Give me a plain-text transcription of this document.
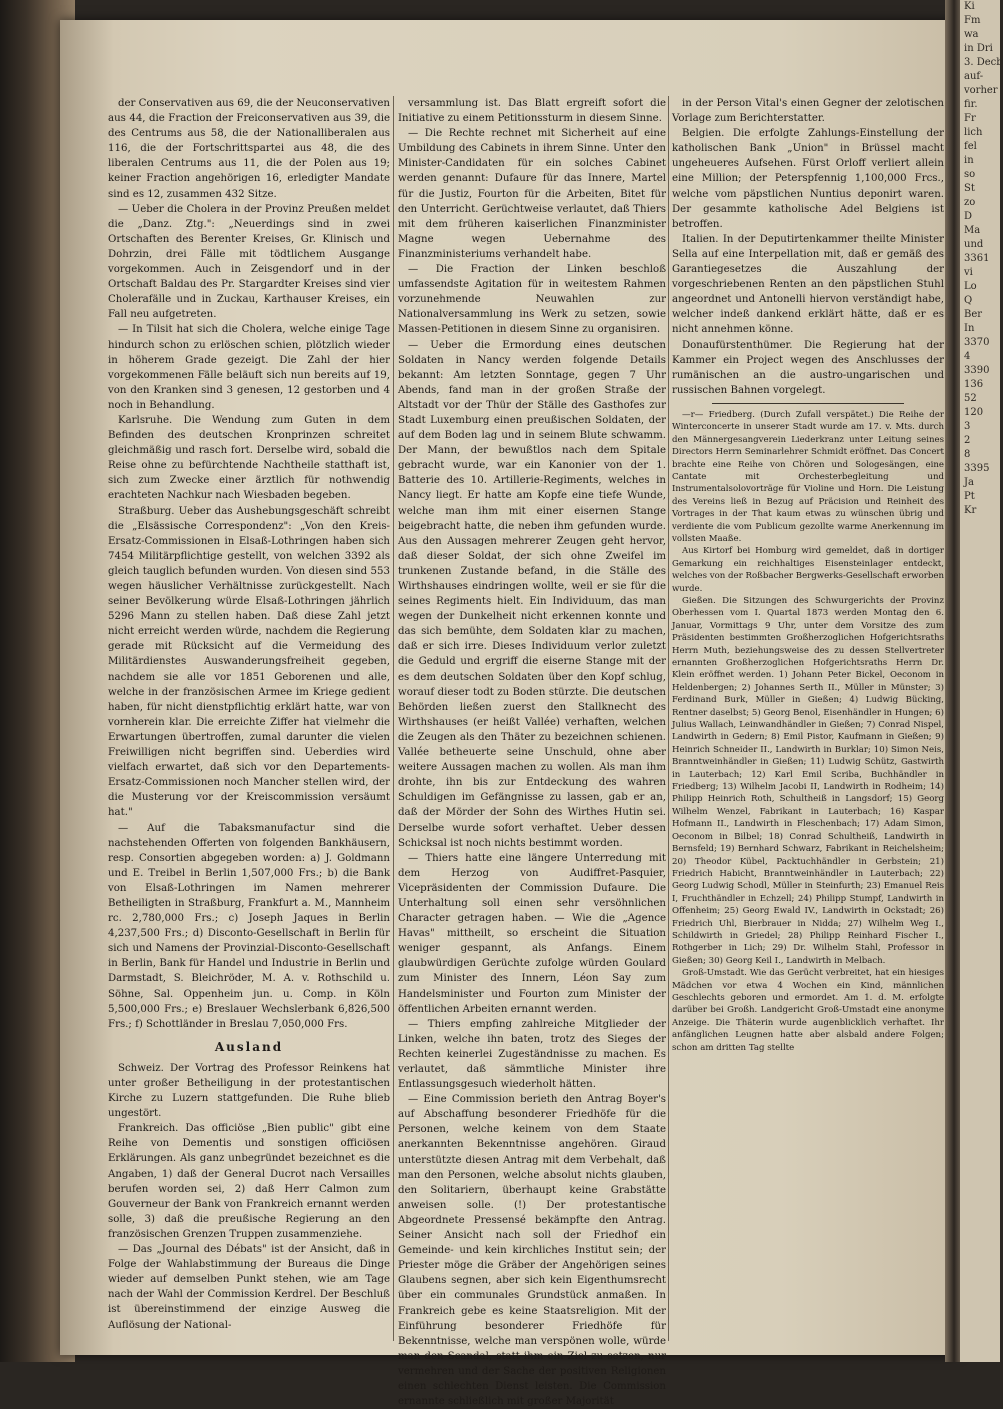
Ki
Fm
wa
in Dri
3. Decb
auf-
vorher
fir.
Fr
lich
fel
in
so
St
zo
D
Ma
und
3361
vi
Lo
Q
Ber
In
3370
4
3390
136
52
120
3
2
8
3395
Ja
Pt
Kr

der Conservativen aus 69, die der Neuconservativen aus 44, die Fraction der Freiconservativen aus 39, die des Centrums aus 58, die der Nationalliberalen aus 116, die der Fortschrittspartei aus 48, die des liberalen Centrums aus 11, die der Polen aus 19; keiner Fraction angehörigen 16, erledigter Mandate sind es 12, zusammen 432 Sitze.

— Ueber die Cholera in der Provinz Preußen meldet die „Danz. Ztg.": „Neuerdings sind in zwei Ortschaften des Berenter Kreises, Gr. Klinisch und Dohrzin, drei Fälle mit tödtlichem Ausgange vorgekommen. Auch in Zeisgendorf und in der Ortschaft Baldau des Pr. Stargardter Kreises sind vier Cholerafälle und in Zuckau, Karthauser Kreises, ein Fall neu aufgetreten.

— In Tilsit hat sich die Cholera, welche einige Tage hindurch schon zu erlöschen schien, plötzlich wieder in höherem Grade gezeigt. Die Zahl der hier vorgekommenen Fälle beläuft sich nun bereits auf 19, von den Kranken sind 3 genesen, 12 gestorben und 4 noch in Behandlung.

Karlsruhe. Die Wendung zum Guten in dem Befinden des deutschen Kronprinzen schreitet gleichmäßig und rasch fort. Derselbe wird, sobald die Reise ohne zu befürchtende Nachtheile statthaft ist, sich zum Zwecke einer ärztlich für nothwendig erachteten Nachkur nach Wiesbaden begeben.

Straßburg. Ueber das Aushebungsgeschäft schreibt die „Elsässische Correspondenz": „Von den Kreis-Ersatz-Commissionen in Elsaß-Lothringen haben sich 7454 Militärpflichtige gestellt, von welchen 3392 als gleich tauglich befunden wurden. Von diesen sind 553 wegen häuslicher Verhältnisse zurückgestellt. Nach seiner Bevölkerung würde Elsaß-Lothringen jährlich 5296 Mann zu stellen haben. Daß diese Zahl jetzt nicht erreicht werden würde, nachdem die Regierung gerade mit Rücksicht auf die Vermeidung des Militärdienstes Auswanderungsfreiheit gegeben, nachdem sie alle vor 1851 Geborenen und alle, welche in der französischen Armee im Kriege gedient haben, für nicht dienstpflichtig erklärt hatte, war von vornherein klar. Die erreichte Ziffer hat vielmehr die Erwartungen übertroffen, zumal darunter die vielen Freiwilligen nicht begriffen sind. Ueberdies wird vielfach erwartet, daß sich vor den Departements-Ersatz-Commissionen noch Mancher stellen wird, der die Musterung vor der Kreiscommission versäumt hat."

— Auf die Tabaksmanufactur sind die nachstehenden Offerten von folgenden Bankhäusern, resp. Consortien abgegeben worden: a) J. Goldmann und E. Treibel in Berlin 1,507,000 Frs.; b) die Bank von Elsaß-Lothringen im Namen mehrerer Betheiligten in Straßburg, Frankfurt a. M., Mannheim rc. 2,780,000 Frs.; c) Joseph Jaques in Berlin 4,237,500 Frs.; d) Disconto-Gesellschaft in Berlin für sich und Namens der Provinzial-Disconto-Gesellschaft in Berlin, Bank für Handel und Industrie in Berlin und Darmstadt, S. Bleichröder, M. A. v. Rothschild u. Söhne, Sal. Oppenheim jun. u. Comp. in Köln 5,500,000 Frs.; e) Breslauer Wechslerbank 6,826,500 Frs.; f) Schottländer in Breslau 7,050,000 Frs.

Ausland

Schweiz. Der Vortrag des Professor Reinkens hat unter großer Betheiligung in der protestantischen Kirche zu Luzern stattgefunden. Die Ruhe blieb ungestört.

Frankreich. Das officiöse „Bien public" gibt eine Reihe von Dementis und sonstigen officiösen Erklärungen. Als ganz unbegründet bezeichnet es die Angaben, 1) daß der General Ducrot nach Versailles berufen worden sei, 2) daß Herr Calmon zum Gouverneur der Bank von Frankreich ernannt werden solle, 3) daß die preußische Regierung an den französischen Grenzen Truppen zusammenziehe.

— Das „Journal des Débats" ist der Ansicht, daß in Folge der Wahlabstimmung der Bureaus die Dinge wieder auf demselben Punkt stehen, wie am Tage nach der Wahl der Commission Kerdrel. Der Beschluß ist übereinstimmend der einzige Ausweg die Auflösung der National-

versammlung ist. Das Blatt ergreift sofort die Initiative zu einem Petitionssturm in diesem Sinne.

— Die Rechte rechnet mit Sicherheit auf eine Umbildung des Cabinets in ihrem Sinne. Unter den Minister-Candidaten für ein solches Cabinet werden genannt: Dufaure für das Innere, Martel für die Justiz, Fourton für die Arbeiten, Bitet für den Unterricht. Gerüchtweise verlautet, daß Thiers mit dem früheren kaiserlichen Finanzminister Magne wegen Uebernahme des Finanzministeriums verhandelt habe.

— Die Fraction der Linken beschloß umfassendste Agitation für in weitestem Rahmen vorzunehmende Neuwahlen zur Nationalversammlung ins Werk zu setzen, sowie Massen-Petitionen in diesem Sinne zu organisiren.

— Ueber die Ermordung eines deutschen Soldaten in Nancy werden folgende Details bekannt: Am letzten Sonntage, gegen 7 Uhr Abends, fand man in der großen Straße der Altstadt vor der Thür der Ställe des Gasthofes zur Stadt Luxemburg einen preußischen Soldaten, der auf dem Boden lag und in seinem Blute schwamm. Der Mann, der bewußtlos nach dem Spitale gebracht wurde, war ein Kanonier von der 1. Batterie des 10. Artillerie-Regiments, welches in Nancy liegt. Er hatte am Kopfe eine tiefe Wunde, welche man ihm mit einer eisernen Stange beigebracht hatte, die neben ihm gefunden wurde. Aus den Aussagen mehrerer Zeugen geht hervor, daß dieser Soldat, der sich ohne Zweifel im trunkenen Zustande befand, in die Ställe des Wirthshauses eindringen wollte, weil er sie für die seines Regiments hielt. Ein Individuum, das man wegen der Dunkelheit nicht erkennen konnte und das sich bemühte, dem Soldaten klar zu machen, daß er sich irre. Dieses Individuum verlor zuletzt die Geduld und ergriff die eiserne Stange mit der es dem deutschen Soldaten über den Kopf schlug, worauf dieser todt zu Boden stürzte. Die deutschen Behörden ließen zuerst den Stallknecht des Wirthshauses (er heißt Vallée) verhaften, welchen die Zeugen als den Thäter zu bezeichnen schienen. Vallée betheuerte seine Unschuld, ohne aber weitere Aussagen machen zu wollen. Als man ihm drohte, ihn bis zur Entdeckung des wahren Schuldigen im Gefängnisse zu lassen, gab er an, daß der Mörder der Sohn des Wirthes Hutin sei. Derselbe wurde sofort verhaftet. Ueber dessen Schicksal ist noch nichts bestimmt worden.

— Thiers hatte eine längere Unterredung mit dem Herzog von Audiffret-Pasquier, Vicepräsidenten der Commission Dufaure. Die Unterhaltung soll einen sehr versöhnlichen Character getragen haben. — Wie die „Agence Havas" mittheilt, so erscheint die Situation weniger gespannt, als Anfangs. Einem glaubwürdigen Gerüchte zufolge würden Goulard zum Minister des Innern, Léon Say zum Handelsminister und Fourton zum Minister der öffentlichen Arbeiten ernannt werden.

— Thiers empfing zahlreiche Mitglieder der Linken, welche ihn baten, trotz des Sieges der Rechten keinerlei Zugeständnisse zu machen. Es verlautet, daß sämmtliche Minister ihre Entlassungsgesuch wiederholt hätten.

— Eine Commission berieth den Antrag Boyer's auf Abschaffung besonderer Friedhöfe für die Personen, welche keinem von dem Staate anerkannten Bekenntnisse angehören. Giraud unterstützte diesen Antrag mit dem Verbehalt, daß man den Personen, welche absolut nichts glauben, den Solitariern, überhaupt keine Grabstätte anweisen solle. (!) Der protestantische Abgeordnete Pressensé bekämpfte den Antrag. Seiner Ansicht nach soll der Friedhof ein Gemeinde- und kein kirchliches Institut sein; der Priester möge die Gräber der Angehörigen seines Glaubens segnen, aber sich kein Eigenthumsrecht über ein communales Grundstück anmaßen. In Frankreich gebe es keine Staatsreligion. Mit der Einführung besonderer Friedhöfe für Bekenntnisse, welche man verspönen wolle, würde man den Scandal, statt ihm ein Ziel zu setzen, nur vermehren und der Sache der positiven Religionen einen schlechten Dienst leisten. Die Commission ernannte schließlich mit großer Majorität

in der Person Vital's einen Gegner der zelotischen Vorlage zum Berichterstatter.

Belgien. Die erfolgte Zahlungs-Einstellung der katholischen Bank „Union" in Brüssel macht ungeheueres Aufsehen. Fürst Orloff verliert allein eine Million; der Peterspfennig 1,100,000 Frcs., welche vom päpstlichen Nuntius deponirt waren. Der gesammte katholische Adel Belgiens ist betroffen.

Italien. In der Deputirtenkammer theilte Minister Sella auf eine Interpellation mit, daß er gemäß des Garantiegesetzes die Auszahlung der vorgeschriebenen Renten an den päpstlichen Stuhl angeordnet und Antonelli hiervon verständigt habe, welcher indeß dankend erklärt hätte, daß er es nicht annehmen könne.

Donaufürstenthümer. Die Regierung hat der Kammer ein Project wegen des Anschlusses der rumänischen an die austro-ungarischen und russischen Bahnen vorgelegt.

—r— Friedberg. (Durch Zufall verspätet.) Die Reihe der Winterconcerte in unserer Stadt wurde am 17. v. Mts. durch den Männergesangverein Liederkranz unter Leitung seines Directors Herrn Seminarlehrer Schmidt eröffnet. Das Concert brachte eine Reihe von Chören und Sologesängen, eine Cantate mit Orchesterbegleitung und Instrumentalsolovorträge für Violine und Horn. Die Leistung des Vereins ließ in Bezug auf Präcision und Reinheit des Vortrages in der That kaum etwas zu wünschen übrig und verdiente die vom Publicum gezollte warme Anerkennung im vollsten Maaße.

Aus Kirtorf bei Homburg wird gemeldet, daß in dortiger Gemarkung ein reichhaltiges Eisensteinlager entdeckt, welches von der Roßbacher Bergwerks-Gesellschaft erworben wurde.

Gießen. Die Sitzungen des Schwurgerichts der Provinz Oberhessen vom I. Quartal 1873 werden Montag den 6. Januar, Vormittags 9 Uhr, unter dem Vorsitze des zum Präsidenten bestimmten Großherzoglichen Hofgerichtsraths Herrn Muth, beziehungsweise des zu dessen Stellvertreter ernannten Großherzoglichen Hofgerichtsraths Herrn Dr. Klein eröffnet werden. 1) Johann Peter Bickel, Oeconom in Heldenbergen; 2) Johannes Serth II., Müller in Münster; 3) Ferdinand Burk, Müller in Gießen; 4) Ludwig Bücking, Rentner daselbst; 5) Georg Benol, Eisenhändler in Hungen; 6) Julius Wallach, Leinwandhändler in Gießen; 7) Conrad Nispel, Landwirth in Gedern; 8) Emil Pistor, Kaufmann in Gießen; 9) Heinrich Schneider II., Landwirth in Burklar; 10) Simon Neis, Branntweinhändler in Gießen; 11) Ludwig Schütz, Gastwirth in Lauterbach; 12) Karl Emil Scriba, Buchhändler in Friedberg; 13) Wilhelm Jacobi II, Landwirth in Rodheim; 14) Philipp Heinrich Roth, Schultheiß in Langsdorf; 15) Georg Wilhelm Wenzel, Fabrikant in Lauterbach; 16) Kaspar Hofmann II., Landwirth in Fleschenbach; 17) Adam Simon, Oeconom in Bilbel; 18) Conrad Schultheiß, Landwirth in Bernsfeld; 19) Bernhard Schwarz, Fabrikant in Reichelsheim; 20) Theodor Kübel, Packtuchhändler in Gerbstein; 21) Friedrich Habicht, Branntweinhändler in Lauterbach; 22) Georg Ludwig Schodl, Müller in Steinfurth; 23) Emanuel Reis I, Fruchthändler in Echzell; 24) Philipp Stumpf, Landwirth in Offenheim; 25) Georg Ewald IV., Landwirth in Ockstadt; 26) Friedrich Uhl, Bierbrauer in Nidda; 27) Wilhelm Weg I., Schildwirth in Griedel; 28) Philipp Reinhard Fischer I., Rothgerber in Lich; 29) Dr. Wilhelm Stahl, Professor in Gießen; 30) Georg Keil I., Landwirth in Melbach.

Groß-Umstadt. Wie das Gerücht verbreitet, hat ein hiesiges Mädchen vor etwa 4 Wochen ein Kind, männlichen Geschlechts geboren und ermordet. Am 1. d. M. erfolgte darüber bei Großh. Landgericht Groß-Umstadt eine anonyme Anzeige. Die Thäterin wurde augenblicklich verhaftet. Ihr anfänglichen Leugnen hatte aber alsbald andere Folgen; schon am dritten Tag stellte
